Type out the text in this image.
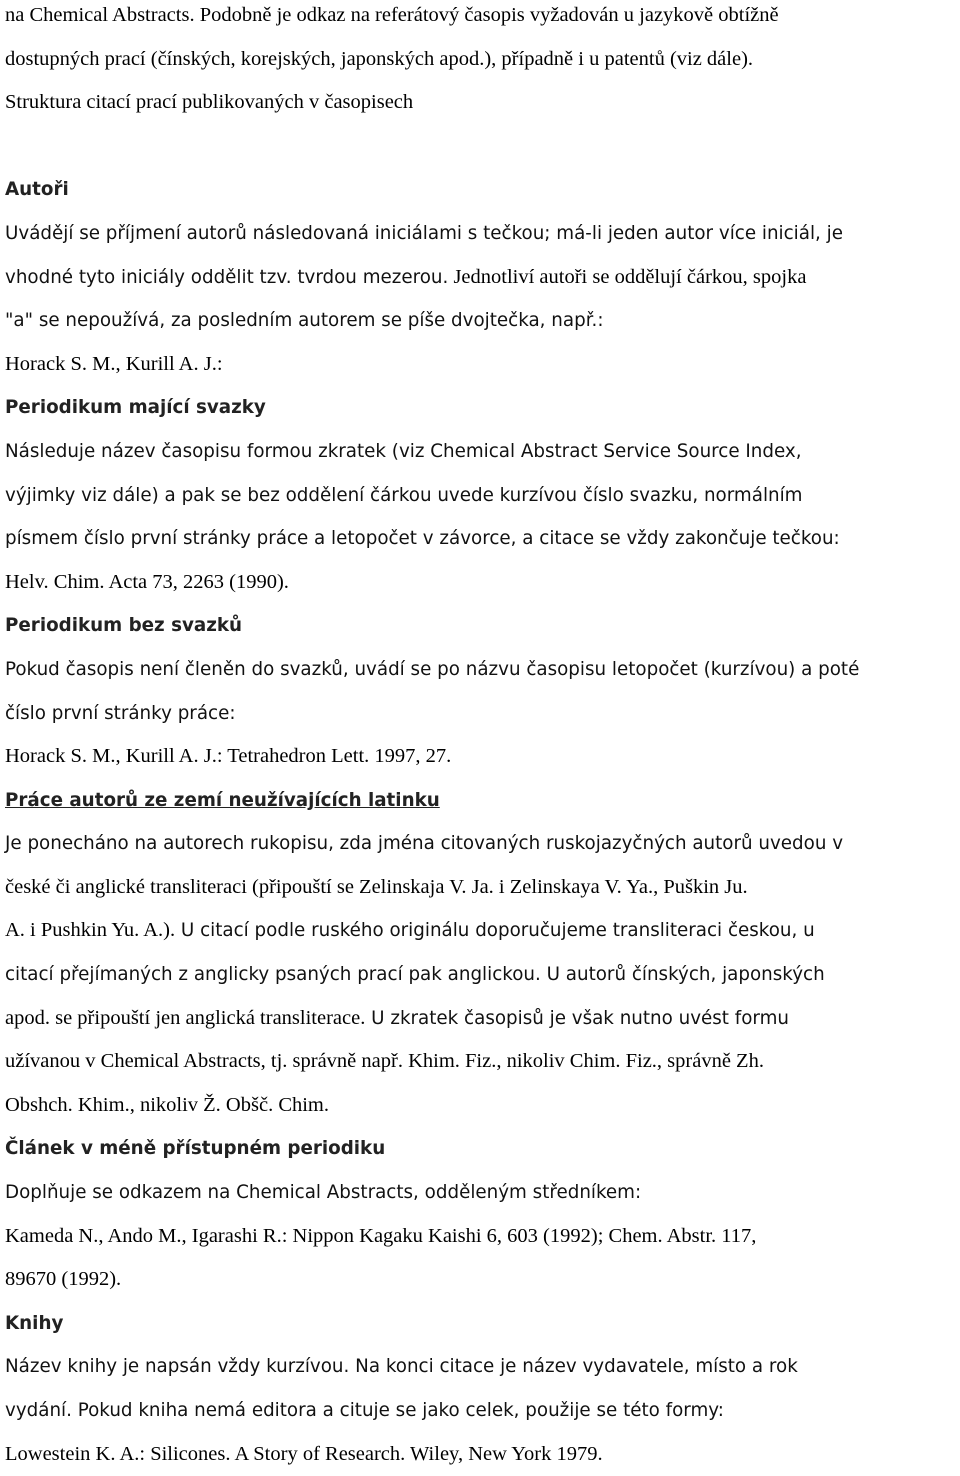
na Chemical Abstracts. Podobně je odkaz na referátový časopis vyžadován u jazykově obtížně
dostupných prací (čínských, korejských, japonských apod.), případně i u patentů (viz dále).
Struktura citací prací publikovaných v časopisech
Autoři
Uvádějí se příjmení autorů následovaná iniciálami s tečkou; má-li jeden autor více iniciál, je
vhodné tyto iniciály oddělit tzv. tvrdou mezerou. Jednotliví autoři se oddělují čárkou, spojka
"a" se nepoužívá, za posledním autorem se píše dvojtečka, např.:
Horack S. M., Kurill A. J.:
Periodikum mající svazky
Následuje název časopisu formou zkratek (viz Chemical Abstract Service Source Index,
výjimky viz dále) a pak se bez oddělení čárkou uvede kurzívou číslo svazku, normálním
písmem číslo první stránky práce a letopočet v závorce, a citace se vždy zakončuje tečkou:
Helv. Chim. Acta 73, 2263 (1990).
Periodikum bez svazků
Pokud časopis není členěn do svazků, uvádí se po názvu časopisu letopočet (kurzívou) a poté
číslo první stránky práce:
Horack S. M., Kurill A. J.: Tetrahedron Lett. 1997, 27.
Práce autorů ze zemí neužívajících latinku
Je ponecháno na autorech rukopisu, zda jména citovaných ruskojazyčných autorů uvedou v
české či anglické transliteraci (připouští se Zelinskaja V. Ja. i Zelinskaya V. Ya., Puškin Ju.
A. i Pushkin Yu. A.). U citací podle ruského originálu doporučujeme transliteraci českou, u
citací přejímaných z anglicky psaných prací pak anglickou. U autorů čínských, japonských
apod. se připouští jen anglická transliterace. U zkratek časopisů je však nutno uvést formu
užívanou v Chemical Abstracts, tj. správně např. Khim. Fiz., nikoliv Chim. Fiz., správně Zh.
Obshch. Khim., nikoliv Ž. Obšč. Chim.
Článek v méně přístupném periodiku
Doplňuje se odkazem na Chemical Abstracts, odděleným středníkem:
Kameda N., Ando M., Igarashi R.: Nippon Kagaku Kaishi 6, 603 (1992); Chem. Abstr. 117,
89670 (1992).
Knihy
Název knihy je napsán vždy kurzívou. Na konci citace je název vydavatele, místo a rok
vydání. Pokud kniha nemá editora a cituje se jako celek, použije se této formy:
Lowestein K. A.: Silicones. A Story of Research. Wiley, New York 1979.
